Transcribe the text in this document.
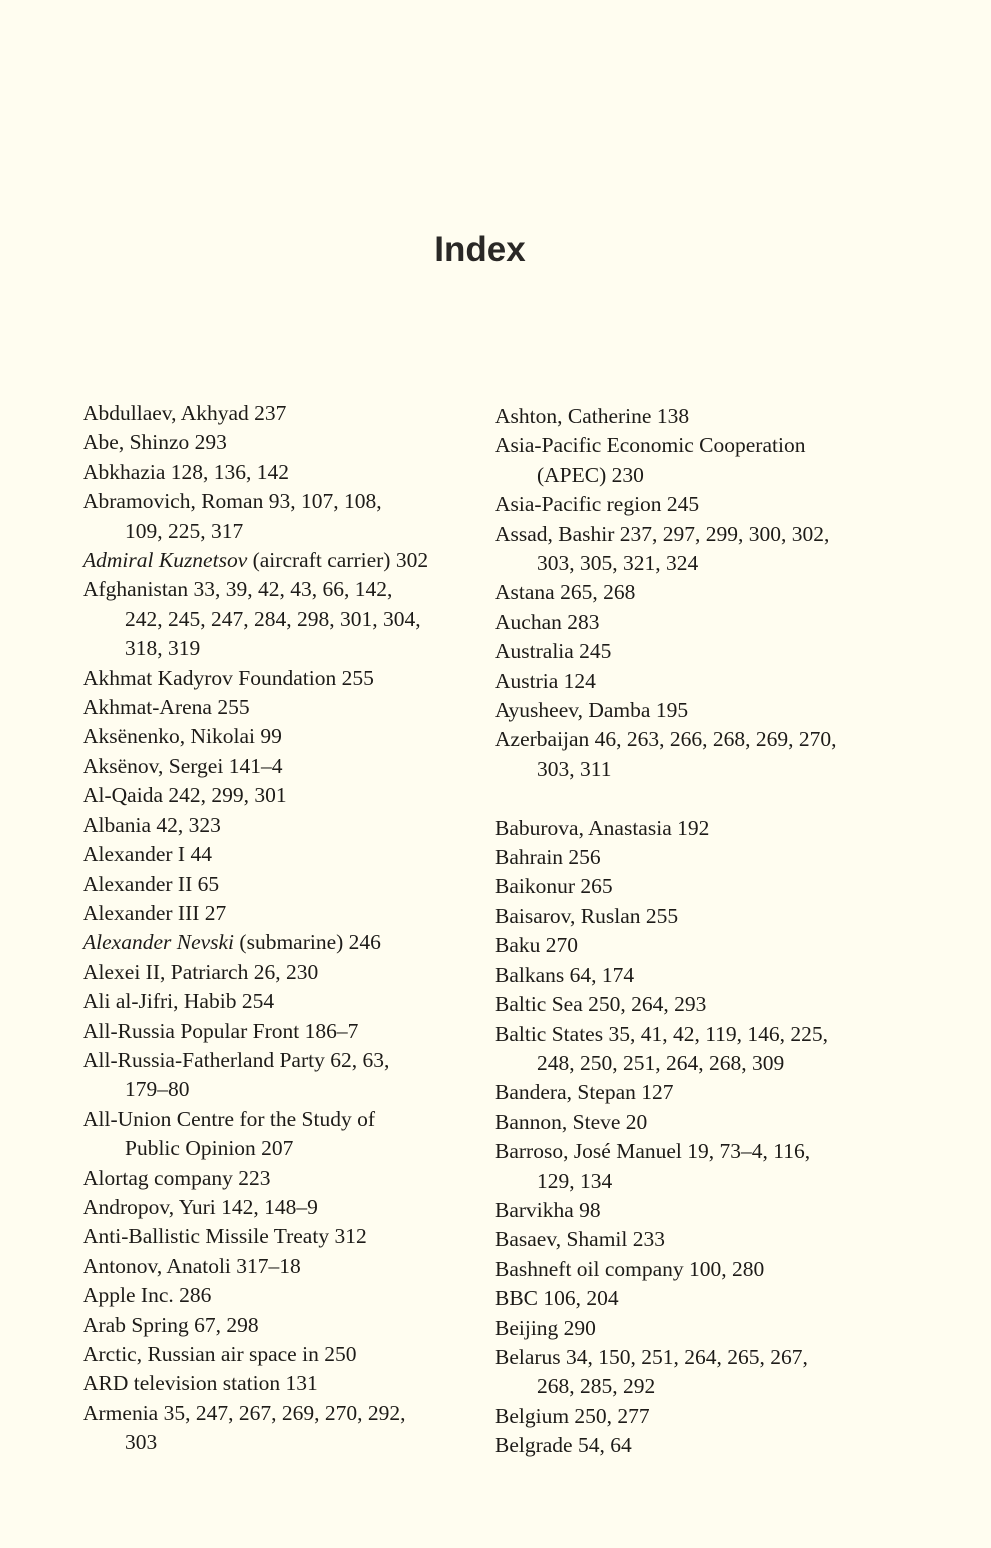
Index
Abdullaev, Akhyad 237
Abe, Shinzo 293
Abkhazia 128, 136, 142
Abramovich, Roman 93, 107, 108,
109, 225, 317
Admiral Kuznetsov (aircraft carrier) 302
Afghanistan 33, 39, 42, 43, 66, 142,
242, 245, 247, 284, 298, 301, 304,
318, 319
Akhmat Kadyrov Foundation 255
Akhmat-Arena 255
Aksënenko, Nikolai 99
Aksënov, Sergei 141–4
Al-Qaida 242, 299, 301
Albania 42, 323
Alexander I 44
Alexander II 65
Alexander III 27
Alexander Nevski (submarine) 246
Alexei II, Patriarch 26, 230
Ali al-Jifri, Habib 254
All-Russia Popular Front 186–7
All-Russia-Fatherland Party 62, 63,
179–80
All-Union Centre for the Study of
Public Opinion 207
Alortag company 223
Andropov, Yuri 142, 148–9
Anti-Ballistic Missile Treaty 312
Antonov, Anatoli 317–18
Apple Inc. 286
Arab Spring 67, 298
Arctic, Russian air space in 250
ARD television station 131
Armenia 35, 247, 267, 269, 270, 292,
303
Ashton, Catherine 138
Asia-Pacific Economic Cooperation
(APEC) 230
Asia-Pacific region 245
Assad, Bashir 237, 297, 299, 300, 302,
303, 305, 321, 324
Astana 265, 268
Auchan 283
Australia 245
Austria 124
Ayusheev, Damba 195
Azerbaijan 46, 263, 266, 268, 269, 270,
303, 311
Baburova, Anastasia 192
Bahrain 256
Baikonur 265
Baisarov, Ruslan 255
Baku 270
Balkans 64, 174
Baltic Sea 250, 264, 293
Baltic States 35, 41, 42, 119, 146, 225,
248, 250, 251, 264, 268, 309
Bandera, Stepan 127
Bannon, Steve 20
Barroso, José Manuel 19, 73–4, 116,
129, 134
Barvikha 98
Basaev, Shamil 233
Bashneft oil company 100, 280
BBC 106, 204
Beijing 290
Belarus 34, 150, 251, 264, 265, 267,
268, 285, 292
Belgium 250, 277
Belgrade 54, 64
